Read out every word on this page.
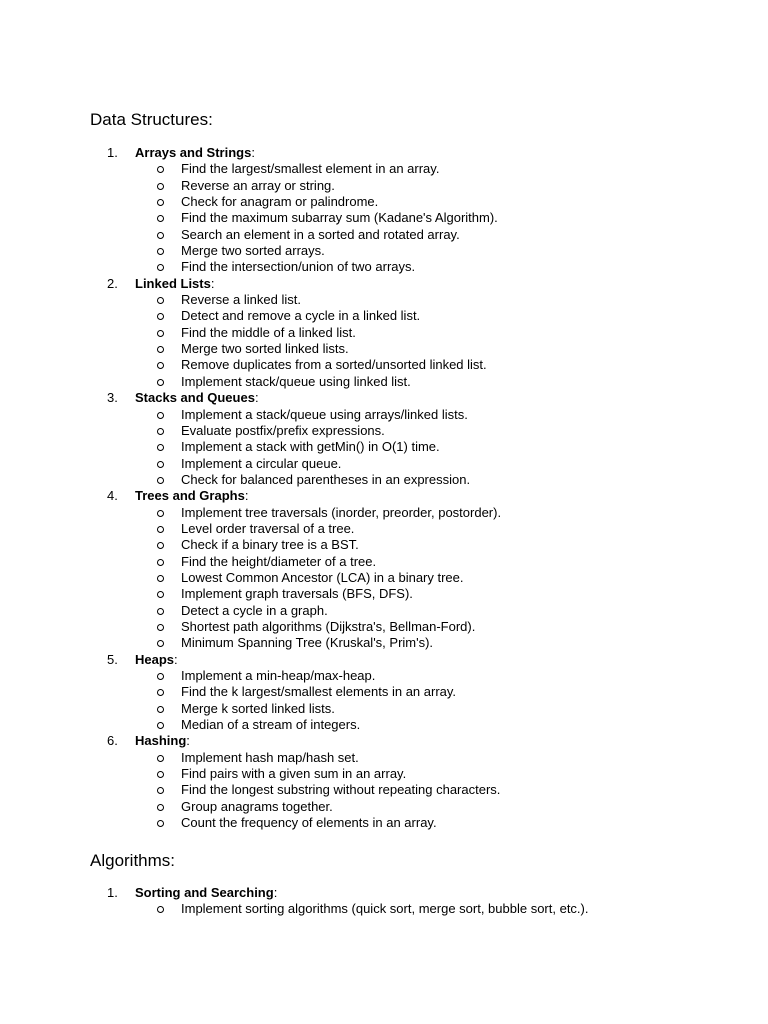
Data Structures:
1.	Arrays and Strings:
Find the largest/smallest element in an array.
Reverse an array or string.
Check for anagram or palindrome.
Find the maximum subarray sum (Kadane's Algorithm).
Search an element in a sorted and rotated array.
Merge two sorted arrays.
Find the intersection/union of two arrays.
2.	Linked Lists:
Reverse a linked list.
Detect and remove a cycle in a linked list.
Find the middle of a linked list.
Merge two sorted linked lists.
Remove duplicates from a sorted/unsorted linked list.
Implement stack/queue using linked list.
3.	Stacks and Queues:
Implement a stack/queue using arrays/linked lists.
Evaluate postfix/prefix expressions.
Implement a stack with getMin() in O(1) time.
Implement a circular queue.
Check for balanced parentheses in an expression.
4.	Trees and Graphs:
Implement tree traversals (inorder, preorder, postorder).
Level order traversal of a tree.
Check if a binary tree is a BST.
Find the height/diameter of a tree.
Lowest Common Ancestor (LCA) in a binary tree.
Implement graph traversals (BFS, DFS).
Detect a cycle in a graph.
Shortest path algorithms (Dijkstra's, Bellman-Ford).
Minimum Spanning Tree (Kruskal's, Prim's).
5.	Heaps:
Implement a min-heap/max-heap.
Find the k largest/smallest elements in an array.
Merge k sorted linked lists.
Median of a stream of integers.
6.	Hashing:
Implement hash map/hash set.
Find pairs with a given sum in an array.
Find the longest substring without repeating characters.
Group anagrams together.
Count the frequency of elements in an array.
Algorithms:
1.	Sorting and Searching:
Implement sorting algorithms (quick sort, merge sort, bubble sort, etc.).
